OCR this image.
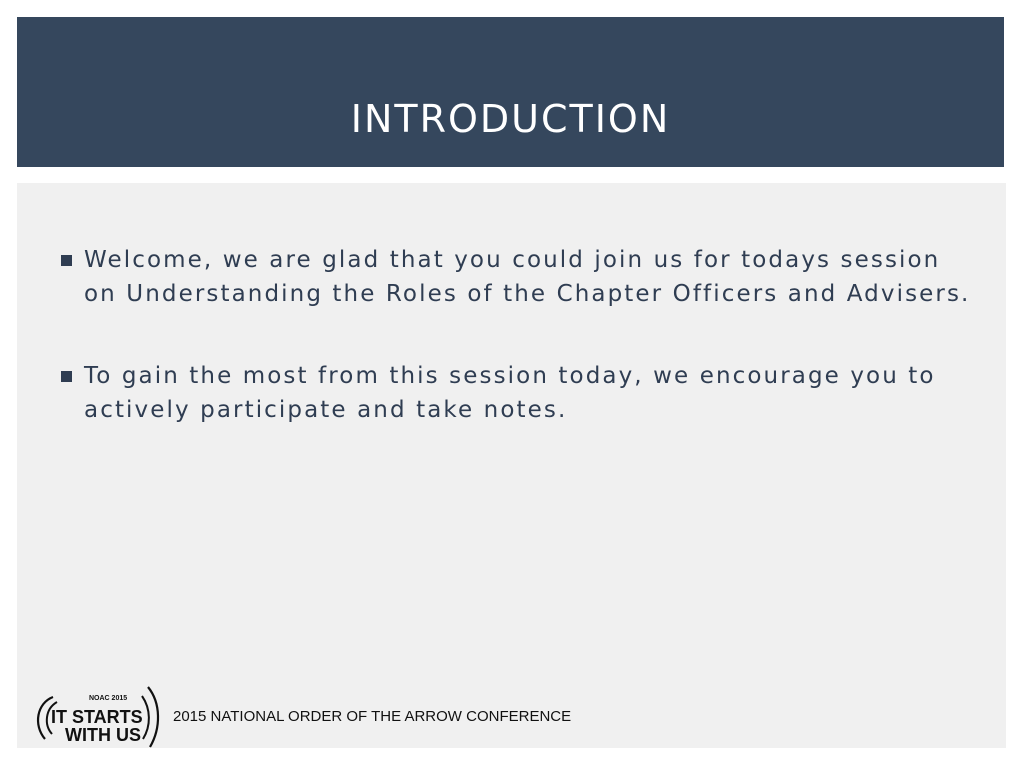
INTRODUCTION
Welcome, we are glad that you could join us for todays session on Understanding the Roles of the Chapter Officers and Advisers.
To gain the most from this session today, we encourage you to actively participate and take notes.
NOAC 2015
IT STARTS
WITH US
2015 NATIONAL ORDER OF THE ARROW CONFERENCE
